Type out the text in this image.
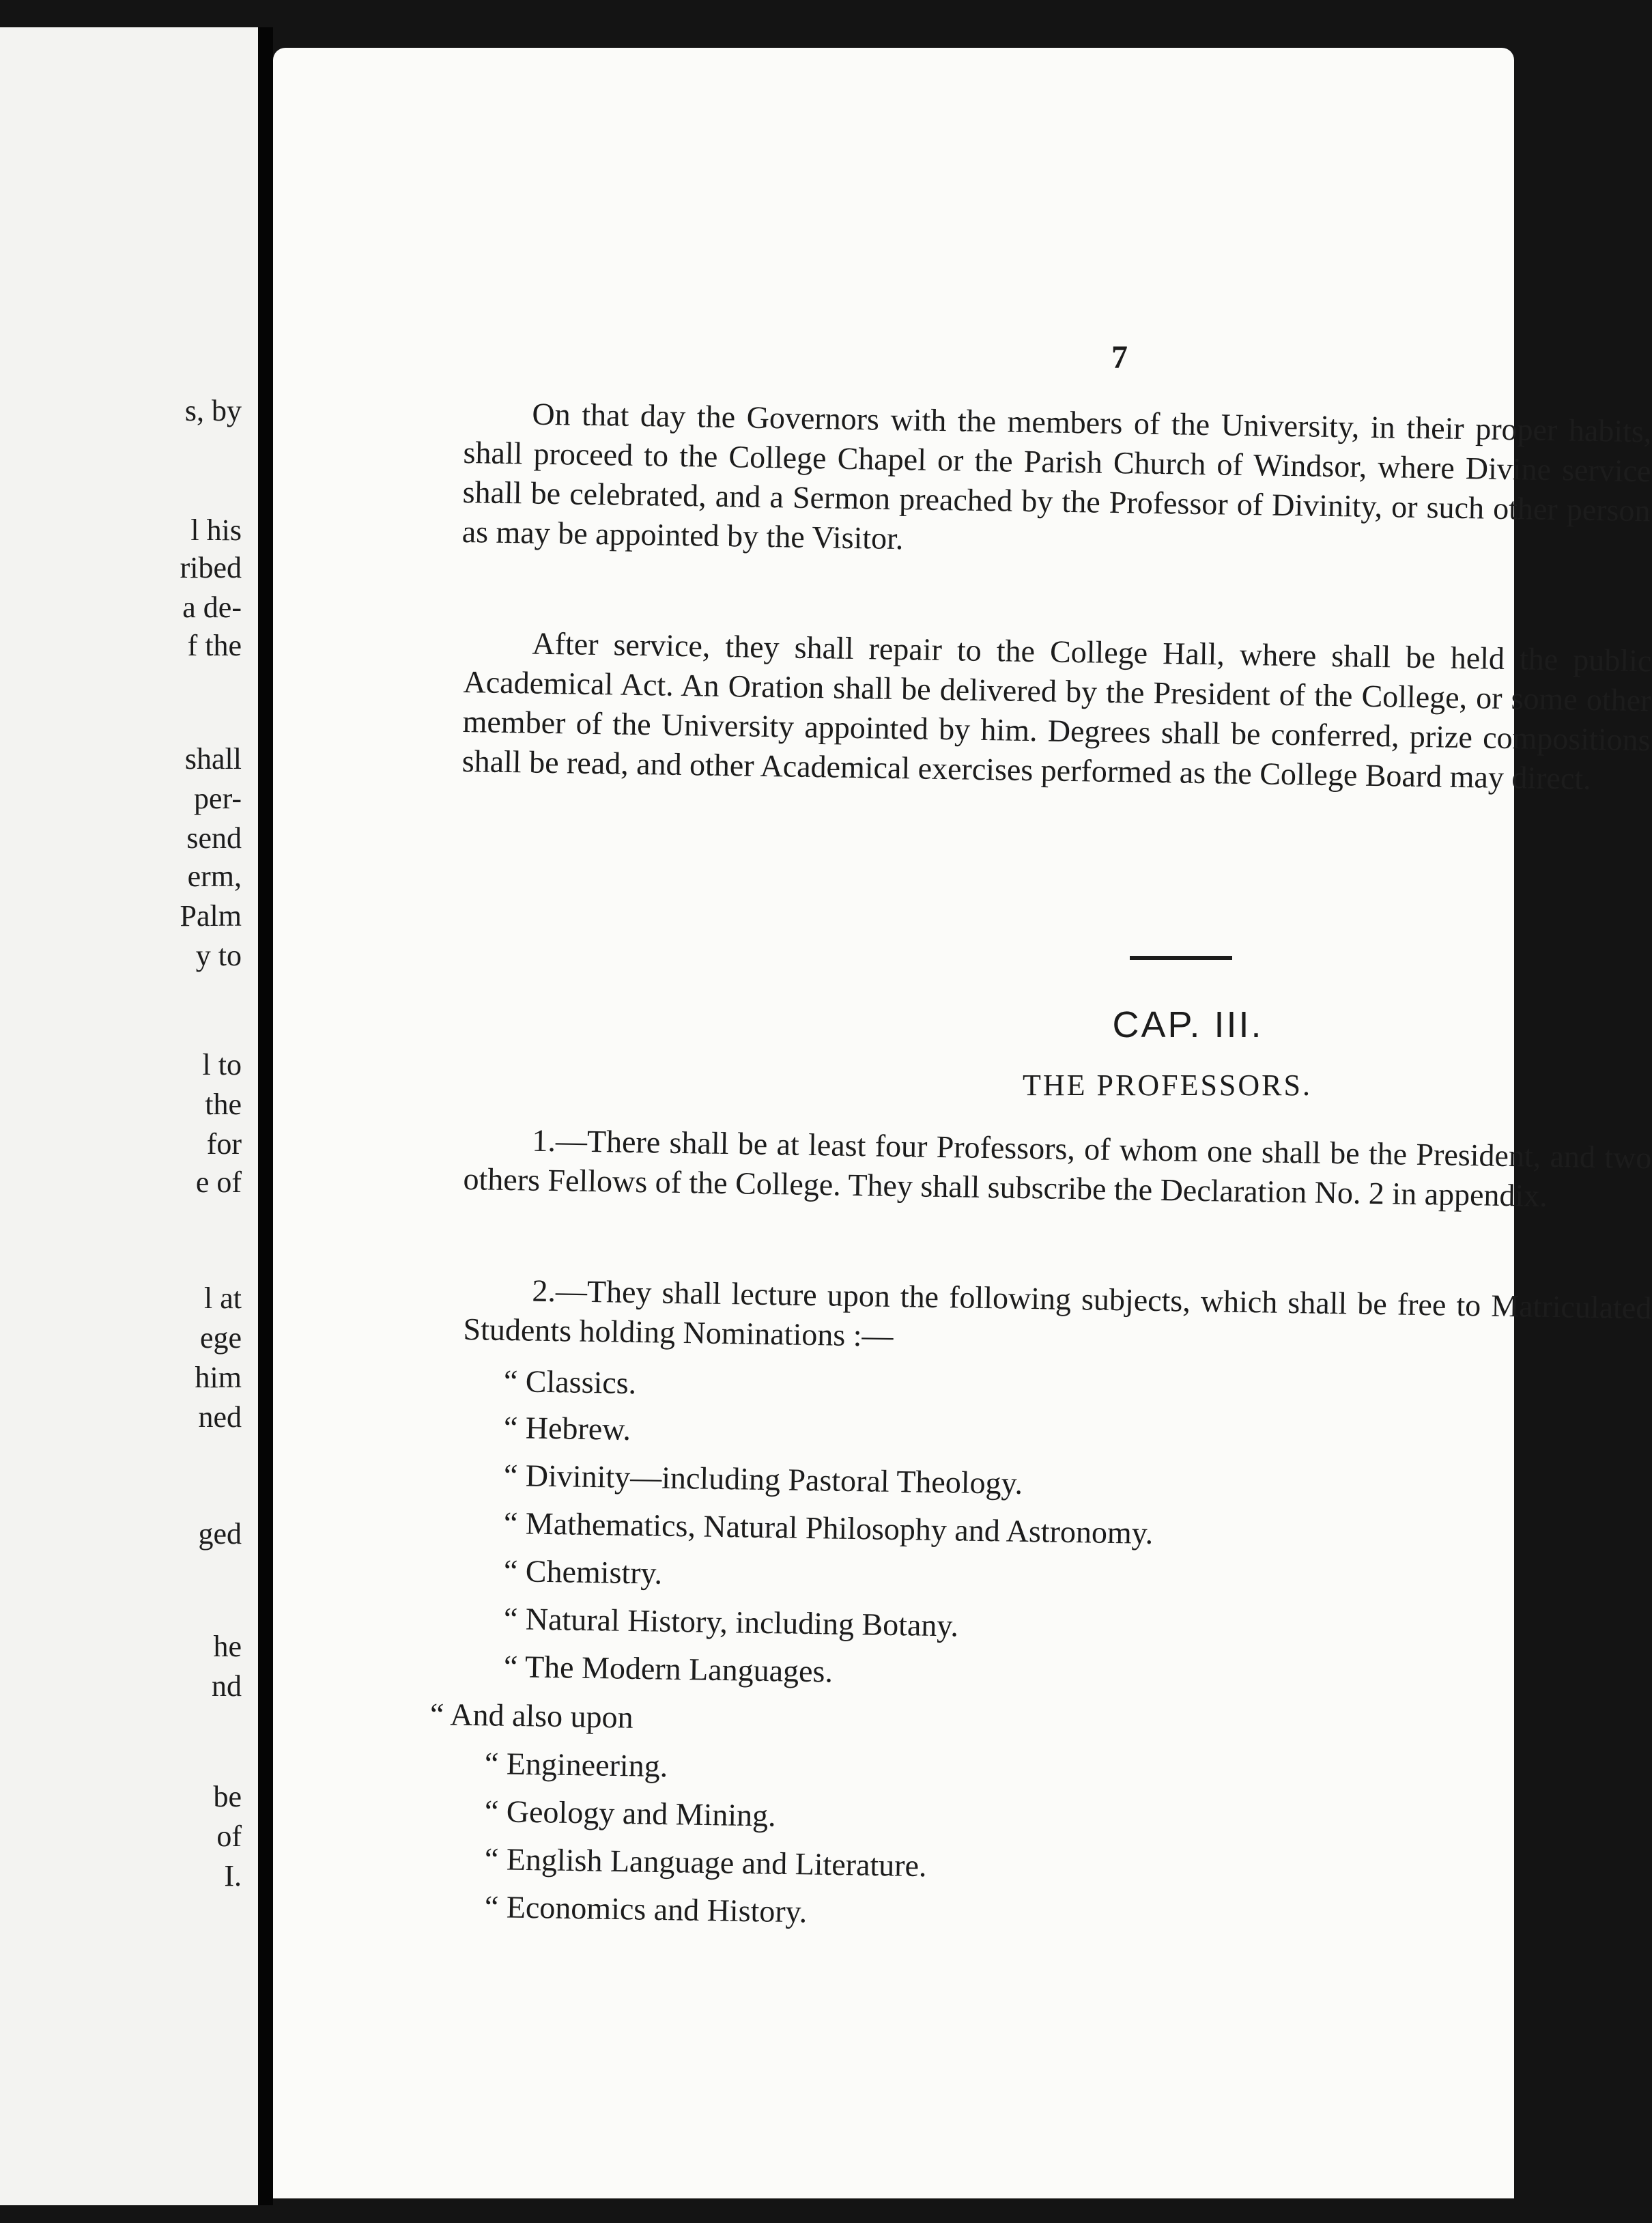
s, by
l his
ribed
a de-
f the
shall
per-
send
erm,
Palm
y to
l to
the
for
e of
l at
ege
him
ned
ged
he
nd
be
of
I.
7

On that day the Governors with the members of the University, in their proper habits, shall proceed to the College Chapel or the Parish Church of Windsor, where Divine service shall be celebrated, and a Sermon preached by the Professor of Divinity, or such other person as may be appointed by the Visitor.

After service, they shall repair to the College Hall, where shall be held the public Academical Act. An Oration shall be delivered by the President of the College, or some other member of the University appointed by him. Degrees shall be conferred, prize compositions shall be read, and other Academical exercises performed as the College Board may direct.

CAP. III.
THE PROFESSORS.

1.—There shall be at least four Professors, of whom one shall be the President, and two others Fellows of the College. They shall subscribe the Declaration No. 2 in appendix.

2.—They shall lecture upon the following subjects, which shall be free to Matriculated Students holding Nominations :—

“ Classics.
“ Hebrew.
“ Divinity—including Pastoral Theology.
“ Mathematics, Natural Philosophy and Astronomy.
“ Chemistry.
“ Natural History, including Botany.
“ The Modern Languages.
“ And also upon
“ Engineering.
“ Geology and Mining.
“ English Language and Literature.
“ Economics and History.
